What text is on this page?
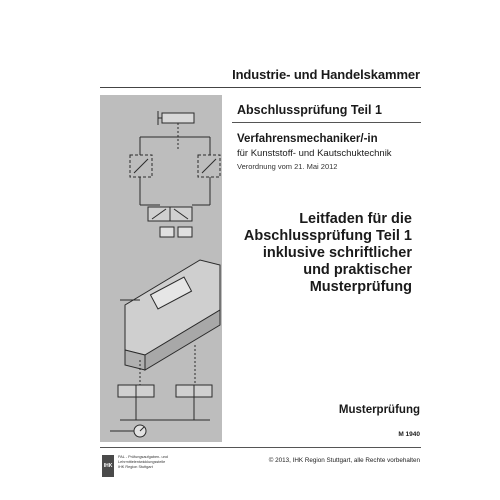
Industrie- und Handelskammer
Abschlussprüfung Teil 1
Verfahrensmechaniker/-in
für Kunststoff- und Kautschuktechnik
Verordnung vom 21. Mai 2012
Leitfaden für die
Abschlussprüfung Teil 1
inklusive schriftlicher
und praktischer
Musterprüfung
Musterprüfung
M 1940
IHK
PAL - Prüfungsaufgaben- und
Lehrmittelentwicklungsstelle
IHK Region Stuttgart
© 2013, IHK Region Stuttgart, alle Rechte vorbehalten
